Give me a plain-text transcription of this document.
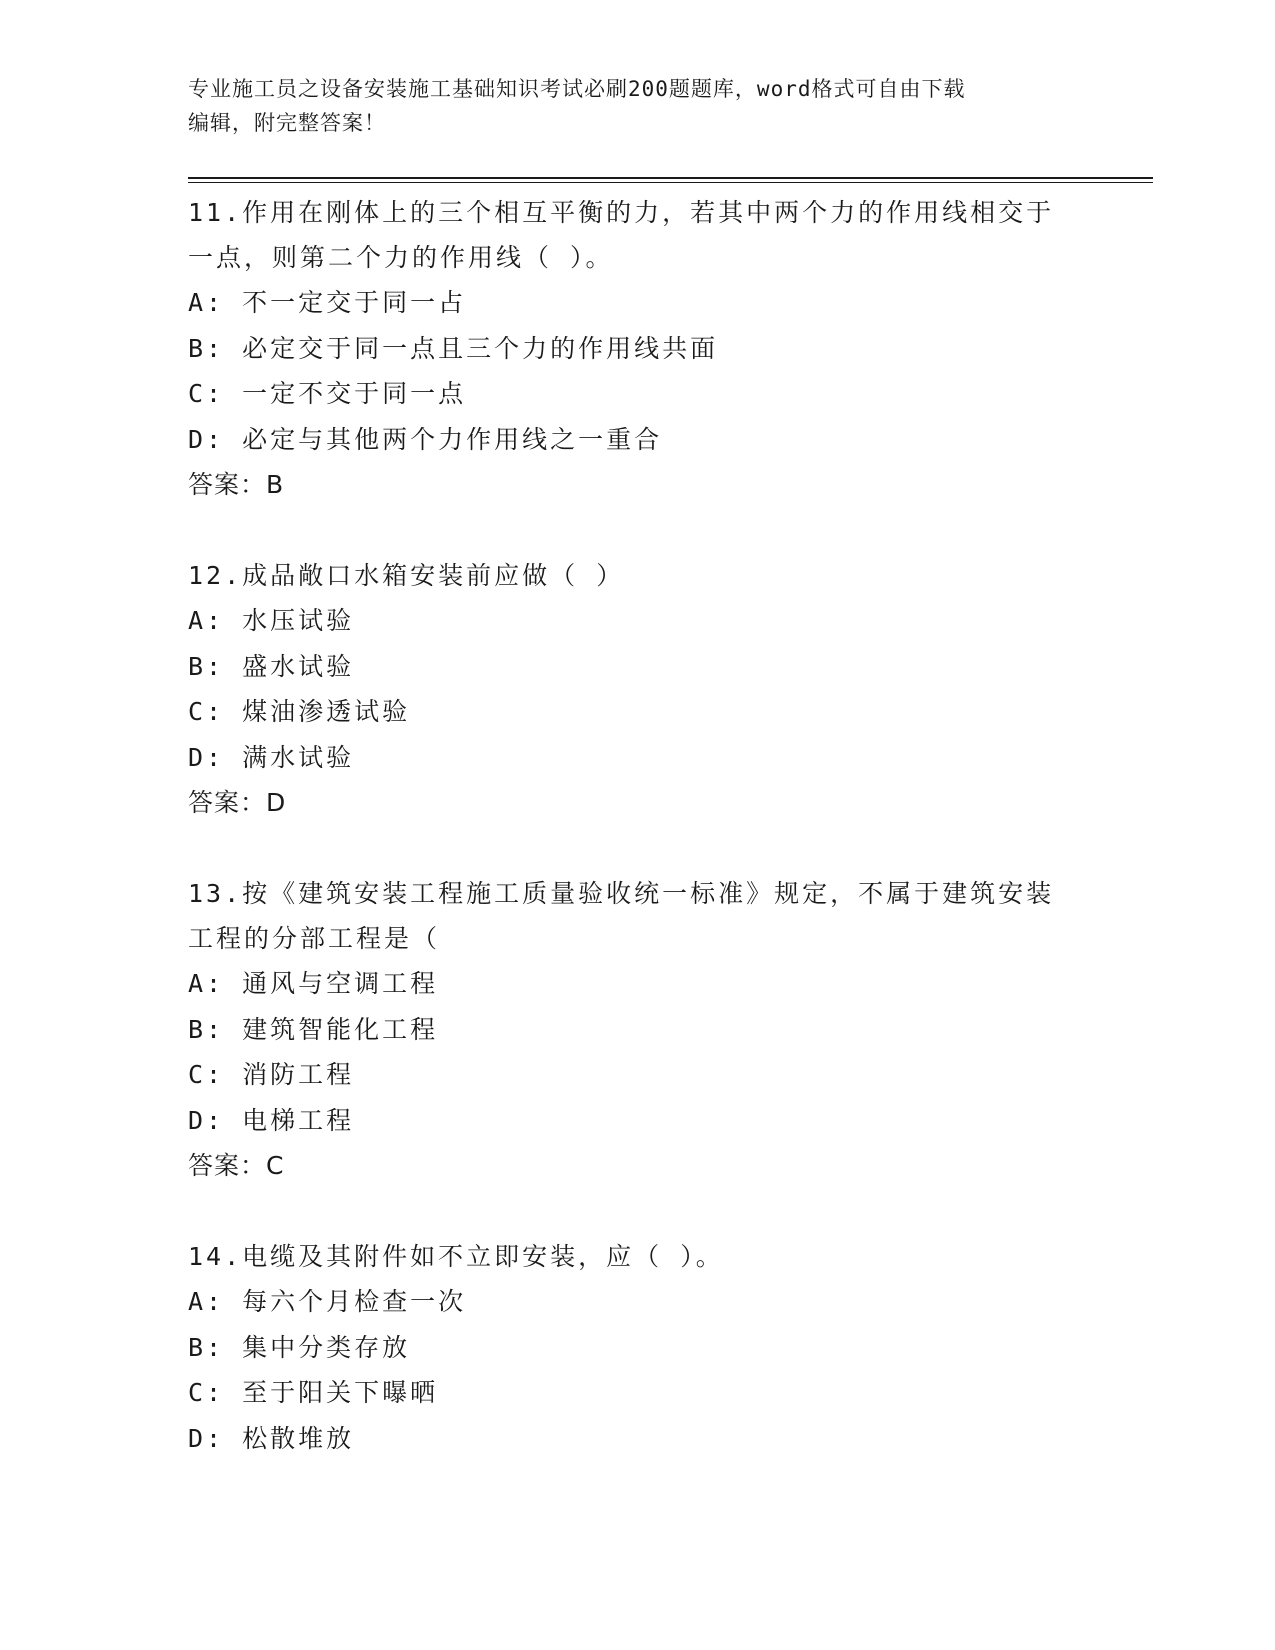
专业施工员之设备安装施工基础知识考试必刷200题题库，word格式可自由下载
编辑，附完整答案！
11.作用在刚体上的三个相互平衡的力，若其中两个力的作用线相交于
一点，则第二个力的作用线（ ）。
A: 不一定交于同一占
B: 必定交于同一点且三个力的作用线共面
C: 一定不交于同一点
D: 必定与其他两个力作用线之一重合
答案：B
12.成品敞口水箱安装前应做（ ）
A: 水压试验
B: 盛水试验
C: 煤油渗透试验
D: 满水试验
答案：D
13.按《建筑安装工程施工质量验收统一标准》规定，不属于建筑安装
工程的分部工程是（
A: 通风与空调工程
B: 建筑智能化工程
C: 消防工程
D: 电梯工程
答案：C
14.电缆及其附件如不立即安装，应（ ）。
A: 每六个月检查一次
B: 集中分类存放
C: 至于阳关下曝晒
D: 松散堆放
